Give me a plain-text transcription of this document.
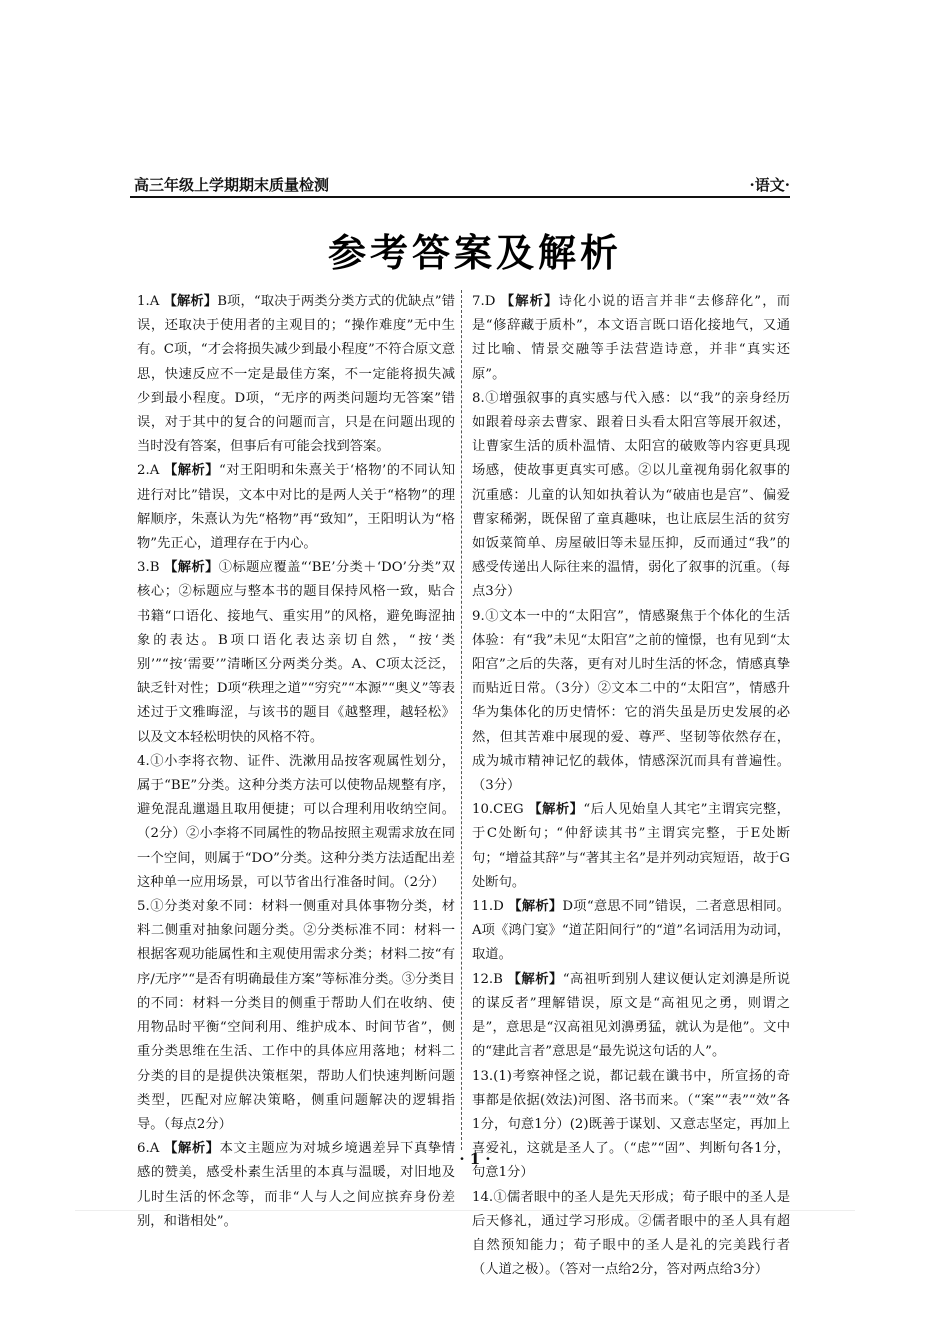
高三年级上学期期末质量检测	·语文·
参考答案及解析

1.A 【解析】B项，“取决于两类分类方式的优缺点”错误，还取决于使用者的主观目的；“操作难度”无中生有。C项，“才会将损失减少到最小程度”不符合原文意思，快速反应不一定是最佳方案，不一定能将损失减少到最小程度。D项，“无序的两类问题均无答案”错误，对于其中的复合的问题而言，只是在问题出现的当时没有答案，但事后有可能会找到答案。

2.A 【解析】“对王阳明和朱熹关于‘格物’的不同认知进行对比”错误，文本中对比的是两人关于“格物”的理解顺序，朱熹认为先“格物”再“致知”，王阳明认为“格物”先正心，道理存在于内心。

3.B 【解析】①标题应覆盖“‘BE’分类＋‘DO’分类”双核心；②标题应与整本书的题目保持风格一致，贴合书籍“口语化、接地气、重实用”的风格，避免晦涩抽象的表达。B项口语化表达亲切自然，“按‘类别’”“按‘需要’”清晰区分两类分类。A、C项太泛泛，缺乏针对性；D项“秩理之道”“穷究”“本源”“奥义”等表述过于文雅晦涩，与该书的题目《越整理，越轻松》以及文本轻松明快的风格不符。

4.①小李将衣物、证件、洗漱用品按客观属性划分，属于“BE”分类。这种分类方法可以使物品规整有序，避免混乱邋遢且取用便捷；可以合理利用收纳空间。（2分）②小李将不同属性的物品按照主观需求放在同一个空间，则属于“DO”分类。这种分类方法适配出差这种单一应用场景，可以节省出行准备时间。（2分）

5.①分类对象不同：材料一侧重对具体事物分类，材料二侧重对抽象问题分类。②分类标准不同：材料一根据客观功能属性和主观使用需求分类；材料二按“有序/无序”“是否有明确最佳方案”等标准分类。③分类目的不同：材料一分类目的侧重于帮助人们在收纳、使用物品时平衡“空间利用、维护成本、时间节省”，侧重分类思维在生活、工作中的具体应用落地；材料二分类的目的是提供决策框架，帮助人们快速判断问题类型，匹配对应解决策略，侧重问题解决的逻辑指导。（每点2分）

6.A 【解析】本文主题应为对城乡境遇差异下真挚情感的赞美，感受朴素生活里的本真与温暖，对旧地及儿时生活的怀念等，而非“人与人之间应摈弃身份差别，和谐相处”。

7.D 【解析】诗化小说的语言并非“去修辞化”，而是“修辞藏于质朴”，本文语言既口语化接地气，又通过比喻、情景交融等手法营造诗意，并非“真实还原”。

8.①增强叙事的真实感与代入感：以“我”的亲身经历如跟着母亲去曹家、跟着日头看太阳宫等展开叙述，让曹家生活的质朴温情、太阳宫的破败等内容更具现场感，使故事更真实可感。②以儿童视角弱化叙事的沉重感：儿童的认知如执着认为“破庙也是宫”、偏爱曹家稀粥，既保留了童真趣味，也让底层生活的贫穷如饭菜简单、房屋破旧等未显压抑，反而通过“我”的感受传递出人际往来的温情，弱化了叙事的沉重。（每点3分）

9.①文本一中的“太阳宫”，情感聚焦于个体化的生活体验：有“我”未见“太阳宫”之前的憧憬，也有见到“太阳宫”之后的失落，更有对儿时生活的怀念，情感真挚而贴近日常。（3分）②文本二中的“太阳宫”，情感升华为集体化的历史情怀：它的消失虽是历史发展的必然，但其苦难中展现的爱、尊严、坚韧等依然存在，成为城市精神记忆的载体，情感深沉而具有普遍性。（3分）

10.CEG 【解析】“后人见始皇人其宅”主谓宾完整，于C处断句；“仲舒读其书”主谓宾完整，于E处断句；“增益其辞”与“著其主名”是并列动宾短语，故于G处断句。

11.D 【解析】D项“意思不同”错误，二者意思相同。A项《鸿门宴》“道芷阳间行”的“道”名词活用为动词，取道。

12.B 【解析】“高祖听到别人建议便认定刘濞是所说的谋反者”理解错误，原文是“高祖见之勇，则谓之是”，意思是“汉高祖见刘濞勇猛，就认为是他”。文中的“建此言者”意思是“最先说这句话的人”。

13.(1)考察神怪之说，都记载在谶书中，所宣扬的奇事都是依据(效法)河图、洛书而来。（“案”“表”“效”各1分，句意1分）(2)既善于谋划、又意志坚定，再加上喜爱礼，这就是圣人了。（“虑”“固”、判断句各1分，句意1分）

14.①儒者眼中的圣人是先天形成；荀子眼中的圣人是后天修礼，通过学习形成。②儒者眼中的圣人具有超自然预知能力；荀子眼中的圣人是礼的完美践行者（人道之极）。（答对一点给2分，答对两点给3分）

· 1 ·
